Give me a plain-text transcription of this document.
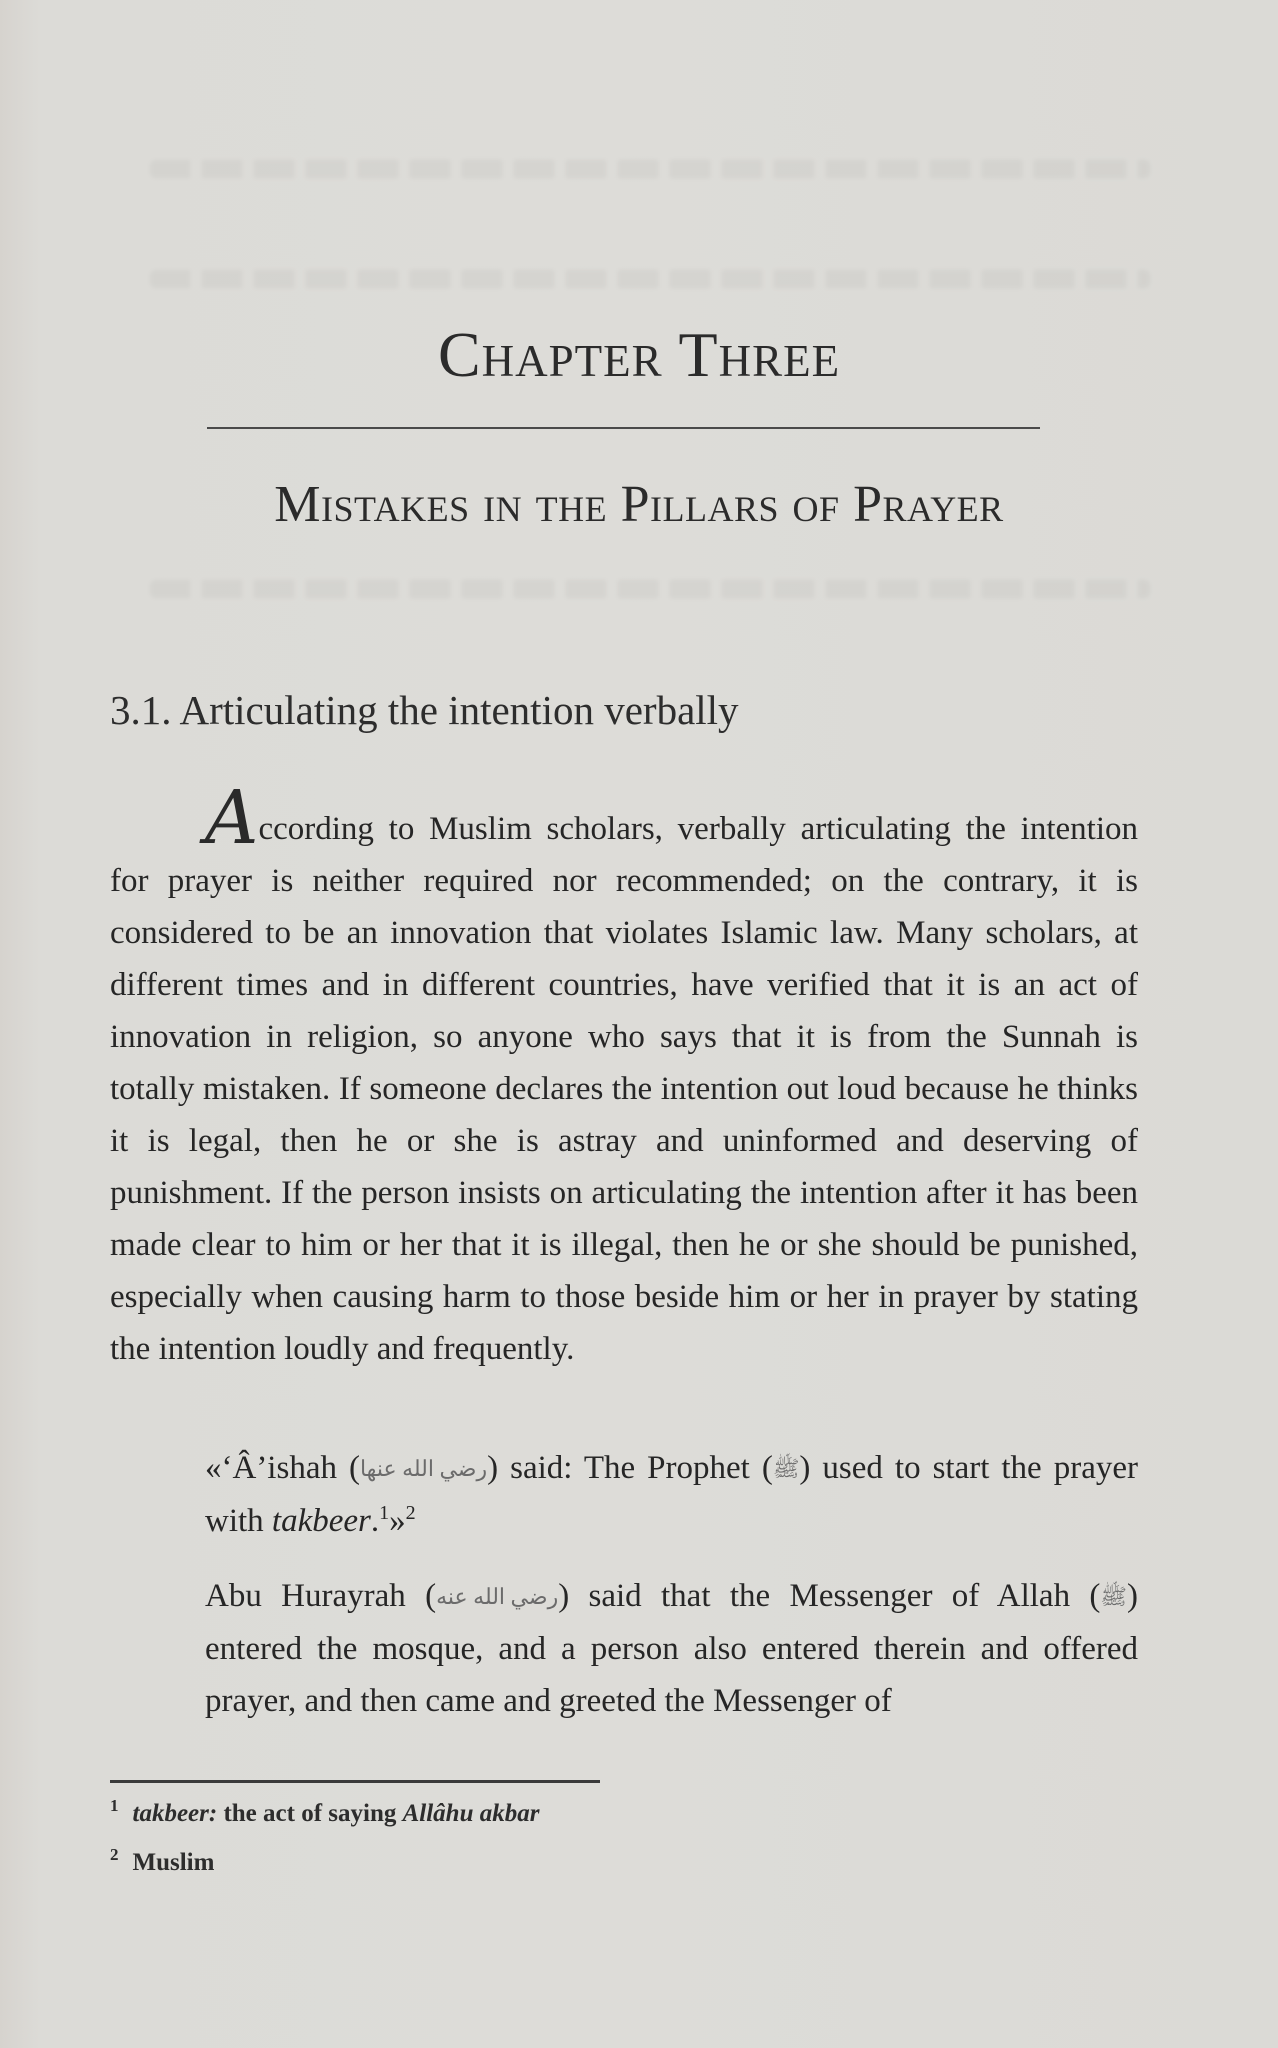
Chapter Three
Mistakes in the Pillars of Prayer
3.1. Articulating the intention verbally
According to Muslim scholars, verbally articulating the intention for prayer is neither required nor recommended; on the contrary, it is considered to be an innovation that violates Islamic law. Many scholars, at different times and in different countries, have verified that it is an act of innovation in religion, so anyone who says that it is from the Sunnah is totally mistaken. If someone declares the intention out loud because he thinks it is legal, then he or she is astray and uninformed and deserving of punishment. If the person insists on articulating the intention after it has been made clear to him or her that it is illegal, then he or she should be punished, especially when causing harm to those beside him or her in prayer by stating the intention loudly and frequently.
«‘Â’ishah (رضي الله عنها) said: The Prophet (ﷺ) used to start the prayer with takbeer.$^1$»$^2$
Abu Hurayrah (رضي الله عنه) said that the Messenger of Allah (ﷺ) entered the mosque, and a person also entered therein and offered prayer, and then came and greeted the Messenger of
$^1$ takbeer: the act of saying Allâhu akbar
$^2$ Muslim
